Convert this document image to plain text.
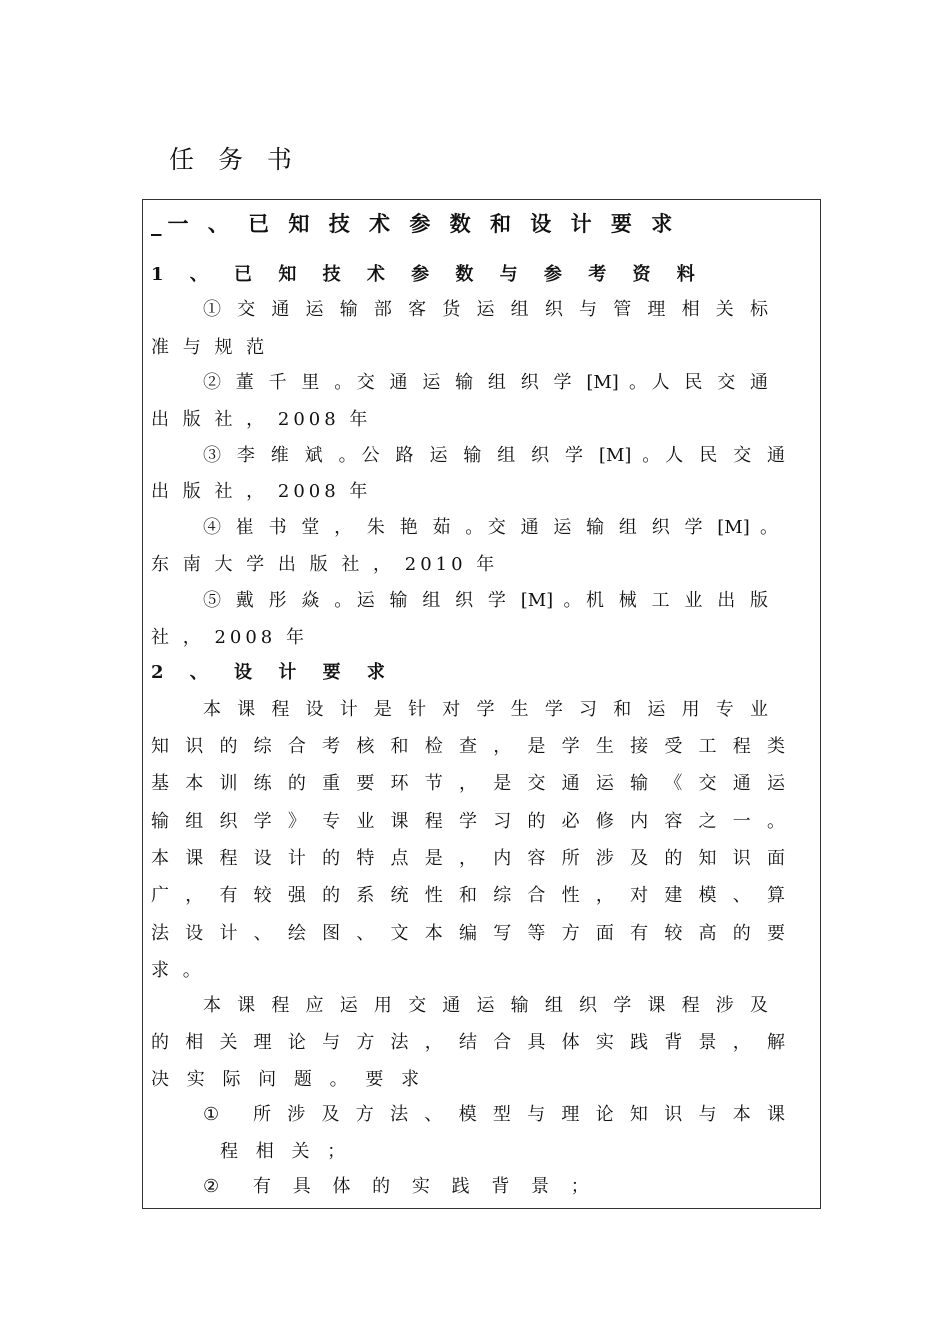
任 务 书
_一 、 已 知 技 术 参 数 和 设 计 要 求
1 、 已 知 技 术 参 数 与 参 考 资 料
① 交 通 运 输 部 客 货 运 组 织 与 管 理 相 关 标
准 与 规 范
② 董 千 里 。交 通 运 输 组 织 学 [M] 。人 民 交 通
出 版 社 ， 2008 年
③ 李 维 斌 。公 路 运 输 组 织 学 [M] 。人 民 交 通
出 版 社 ， 2008 年
④ 崔 书 堂 ， 朱 艳 茹 。交 通 运 输 组 织 学 [M] 。
东 南 大 学 出 版 社 ， 2010 年
⑤ 戴 彤 焱 。运 输 组 织 学 [M] 。机 械 工 业 出 版
社 ， 2008 年
2 、 设 计 要 求
本 课 程 设 计 是 针 对 学 生 学 习 和 运 用 专 业
知 识 的 综 合 考 核 和 检 查 ， 是 学 生 接 受 工 程 类
基 本 训 练 的 重 要 环 节 ， 是 交 通 运 输 《 交 通 运
输 组 织 学 》 专 业 课 程 学 习 的 必 修 内 容 之 一 。
本 课 程 设 计 的 特 点 是 ， 内 容 所 涉 及 的 知 识 面
广 ， 有 较 强 的 系 统 性 和 综 合 性 ， 对 建 模 、 算
法 设 计 、 绘 图 、 文 本 编 写 等 方 面 有 较 高 的 要
求 。
本 课 程 应 运 用 交 通 运 输 组 织 学 课 程 涉 及
的 相 关 理 论 与 方 法 ， 结 合 具 体 实 践 背 景 ， 解
决 实 际 问 题 。 要 求
① 所 涉 及 方 法 、 模 型 与 理 论 知 识 与 本 课
程 相 关 ；
② 有 具 体 的 实 践 背 景 ；
